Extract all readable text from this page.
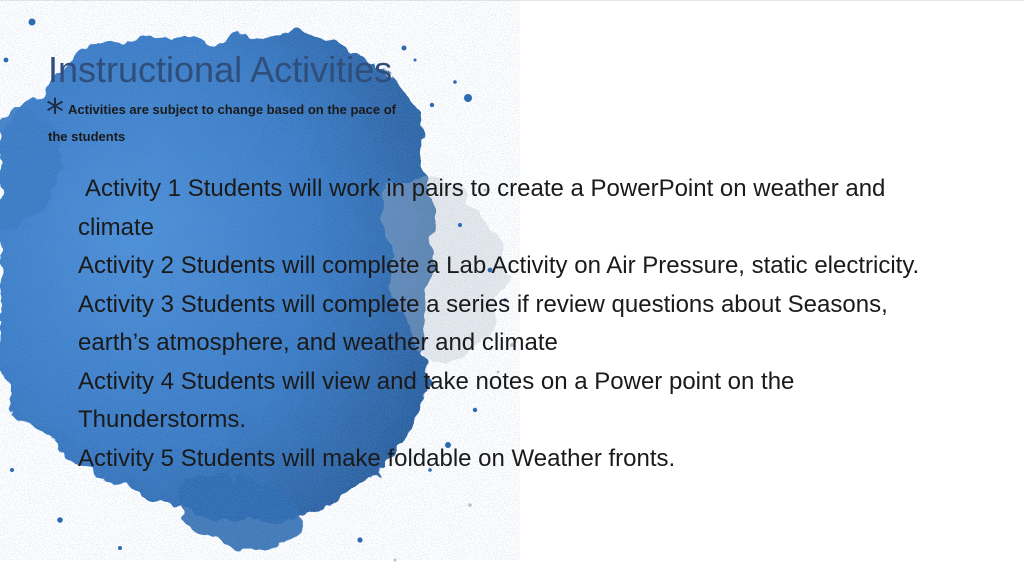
Instructional Activities
* Activities are subject to change based on the pace of
the students
Activity 1 Students will work in pairs to create a PowerPoint on weather and climate
Activity 2 Students will complete a Lab Activity on Air Pressure, static electricity.
Activity 3 Students will complete a series if review questions about Seasons, earth’s atmosphere, and weather and climate
Activity 4 Students will view and take notes on a Power point on the Thunderstorms.
Activity 5 Students will make foldable on Weather fronts.
